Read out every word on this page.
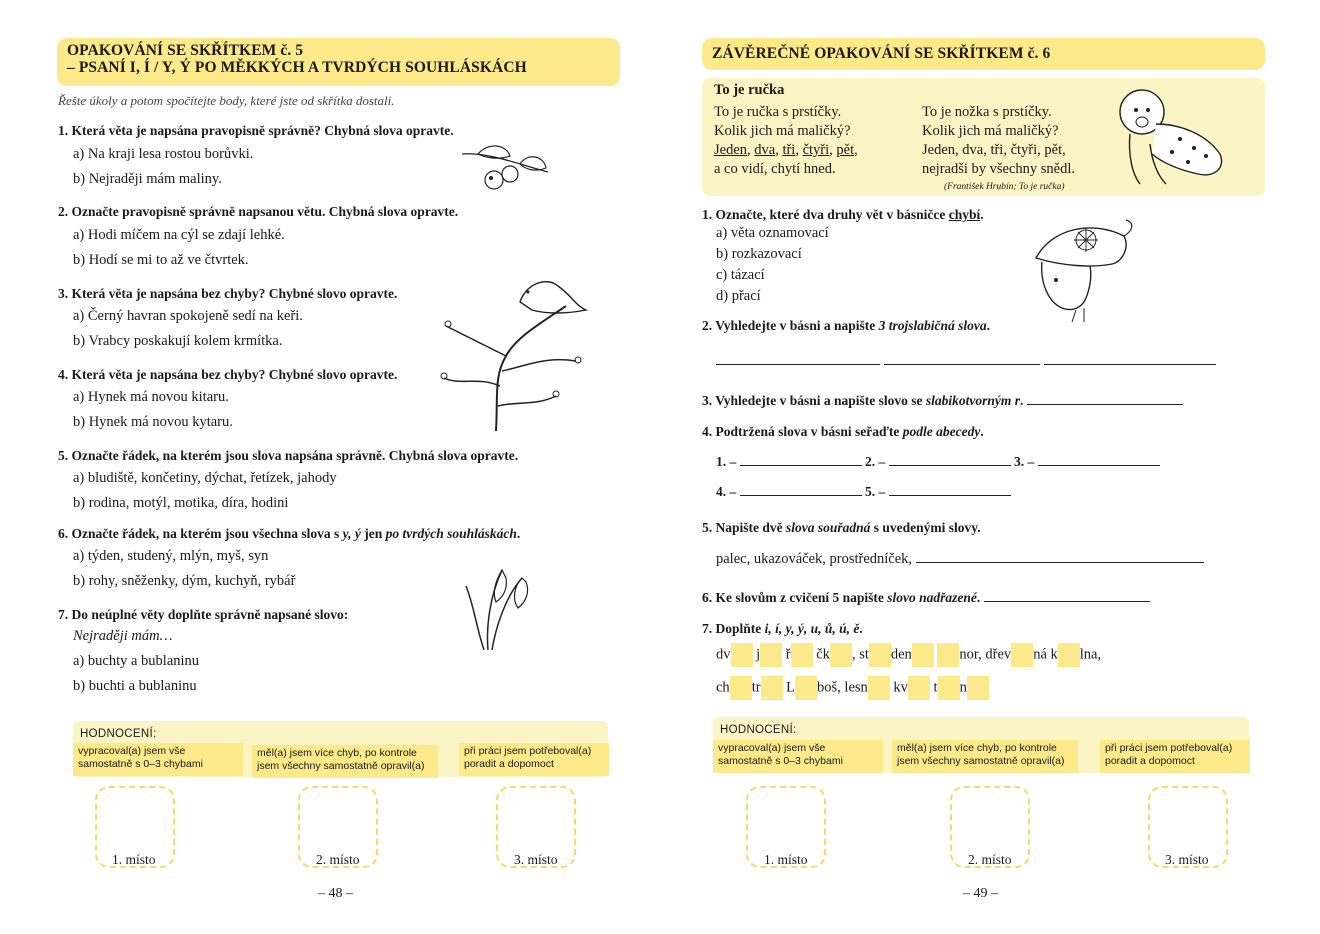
OPAKOVÁNÍ SE SKŘÍTKEM č. 5
– PSANÍ I, Í / Y, Ý PO MĚKKÝCH A TVRDÝCH SOUHLÁSKÁCH
Řešte úkoly a potom spočítejte body, které jste od skřítka dostali.
1. Která věta je napsána pravopisně správně? Chybná slova opravte.
a) Na kraji lesa rostou borůvki.
b) Nejraději mám maliny.
2. Označte pravopisně správně napsanou větu. Chybná slova opravte.
a) Hodi míčem na cýl se zdají lehké.
b) Hodí se mi to až ve čtvrtek.
3. Která věta je napsána bez chyby? Chybné slovo opravte.
a) Černý havran spokojeně sedí na keři.
b) Vrabcy poskakují kolem krmítka.
4. Která věta je napsána bez chyby? Chybné slovo opravte.
a) Hynek má novou kitaru.
b) Hynek má novou kytaru.
5. Označte řádek, na kterém jsou slova napsána správně. Chybná slova opravte.
a) bludiště, končetiny, dýchat, řetízek, jahody
b) rodina, motýl, motika, díra, hodini
6. Označte řádek, na kterém jsou všechna slova s y, ý jen po tvrdých souhláskách.
a) týden, studený, mlýn, myš, syn
b) rohy, sněženky, dým, kuchyň, rybář
7. Do neúplné věty doplňte správně napsané slovo:
Nejraději mám…
a) buchty a bublaninu
b) buchti a bublaninu
HODNOCENÍ:
vypracoval(a) jsem vše samostatně s 0–3 chybami
měl(a) jsem více chyb, po kontrole jsem všechny samostatně opravil(a)
při práci jsem potřeboval(a) poradit a dopomoct
1. místo	2. místo	3. místo
– 48 –
ZÁVĚREČNÉ OPAKOVÁNÍ SE SKŘÍTKEM č. 6
To je ručka
To je ručka s prstíčky.
Kolik jich má maličký?
Jeden, dva, tři, čtyři, pět,
a co vidí, chytí hned.
To je nožka s prstíčky.
Kolik jich má maličký?
Jeden, dva, tři, čtyři, pět,
nejradši by všechny snědl.
(František Hrubín; To je ručka)
1. Označte, které dva druhy vět v básničce chybí.
a) věta oznamovací
b) rozkazovací
c) tázací
d) přací
2. Vyhledejte v básni a napište 3 trojslabičná slova.
3. Vyhledejte v básni a napište slovo se slabikotvorným r.
4. Podtržená slova v básni seřaďte podle abecedy.
1. –	2. –	3. –
4. –	5. –
5. Napište dvě slova souřadná s uvedenými slovy.
palec, ukazováček, prostředníček,
6. Ke slovům z cvičení 5 napište slovo nadřazené.
7. Doplňte i, í, y, ý, u, ů, ú, ě.
dv j ř čk , st den	nor, dřev ná k lna,
ch tr L boš, lesn kv t n
HODNOCENÍ:
vypracoval(a) jsem vše samostatně s 0–3 chybami
měl(a) jsem více chyb, po kontrole jsem všechny samostatně opravil(a)
při práci jsem potřeboval(a) poradit a dopomoct
1. místo	2. místo	3. místo
– 49 –
